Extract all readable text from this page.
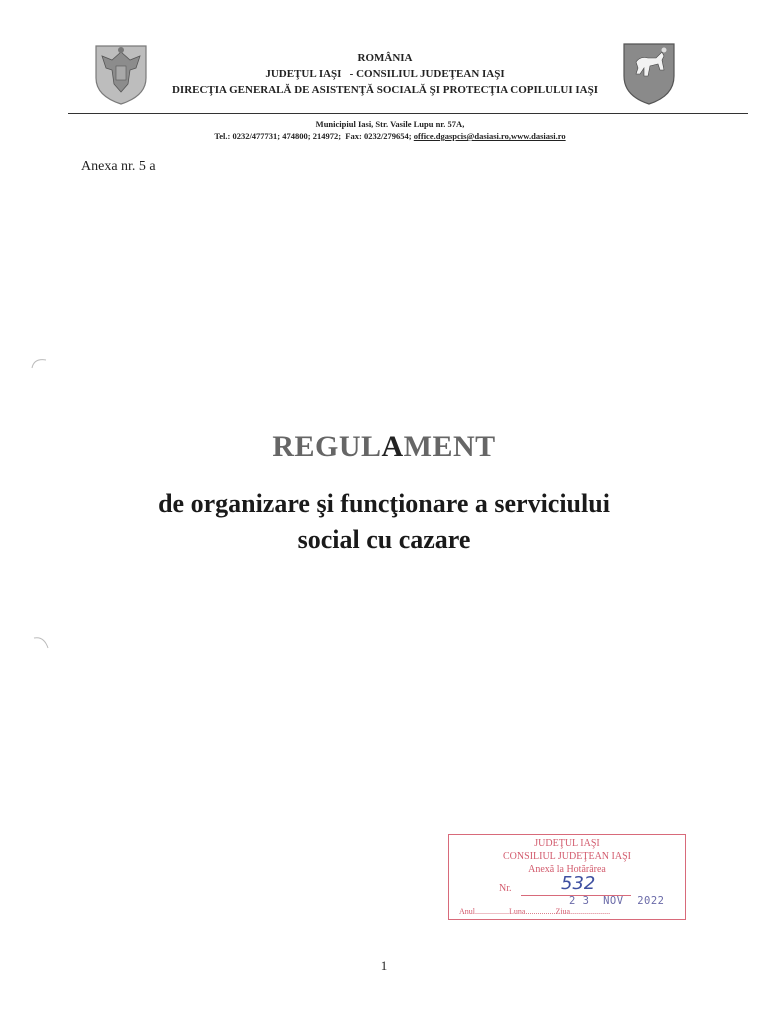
ROMÂNIA
JUDEŢUL IAŞI   - CONSILIUL JUDEŢEAN IAŞI
DIRECŢIA GENERALĂ DE ASISTENŢĂ SOCIALĂ ŞI PROTECŢIA COPILULUI IAŞI
Municipiul Iasi, Str. Vasile Lupu nr. 57A,
Tel.: 0232/477731; 474800; 214972;  Fax: 0232/279654; office.dgaspcis@dasiasi.ro,www.dasiasi.ro
Anexa nr. 5 a
REGULAMENT
de organizare şi funcţionare a serviciului
social cu cazare
JUDEŢUL IAŞI
CONSILIUL JUDEŢEAN IAŞI
Anexă la Hotărârea
Nr.	532
2 3  NOV  2022
Anul.................Luna...............Ziua....................
1
